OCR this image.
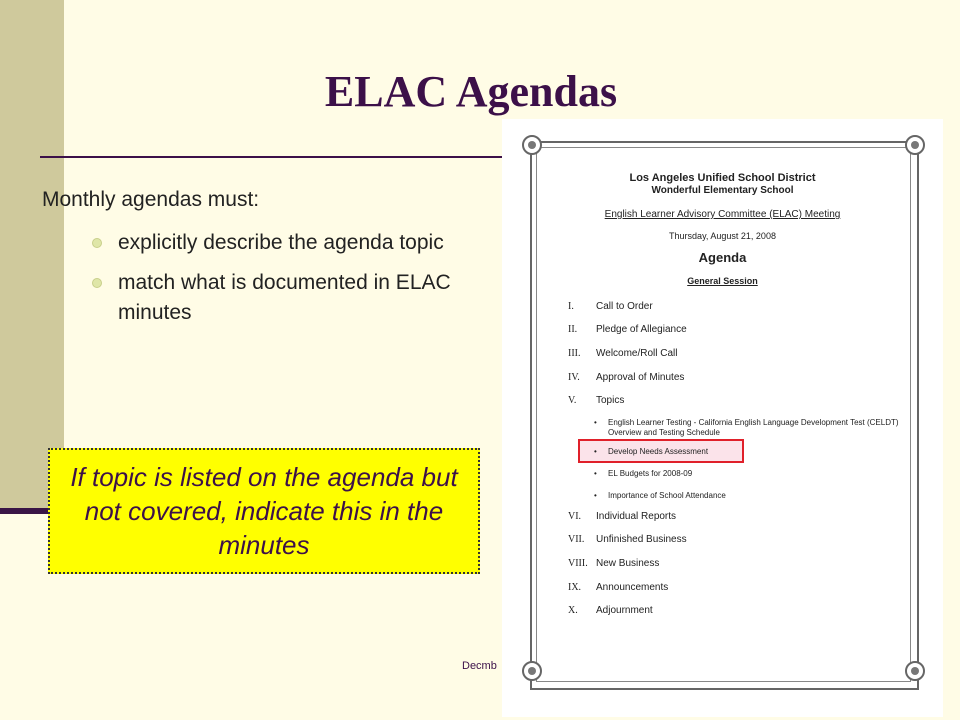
ELAC Agendas
Monthly agendas must:
explicitly describe the agenda topic
match what is documented in ELAC minutes
Los Angeles Unified School District
Wonderful Elementary School
English Learner Advisory Committee (ELAC) Meeting
Thursday, August 21, 2008
Agenda
General Session
I. Call to Order
II. Pledge of Allegiance
III. Welcome/Roll Call
IV. Approval of Minutes
V. Topics
•	English Learner Testing - California English Language Development Test (CELDT) Overview and Testing Schedule
•	Develop Needs Assessment
•	EL Budgets for 2008-09
•	Importance of School Attendance
VI. Individual Reports
VII. Unfinished Business
VIII. New Business
IX. Announcements
X. Adjournment
If topic is listed on the agenda but not covered, indicate this in the minutes
Decmb
